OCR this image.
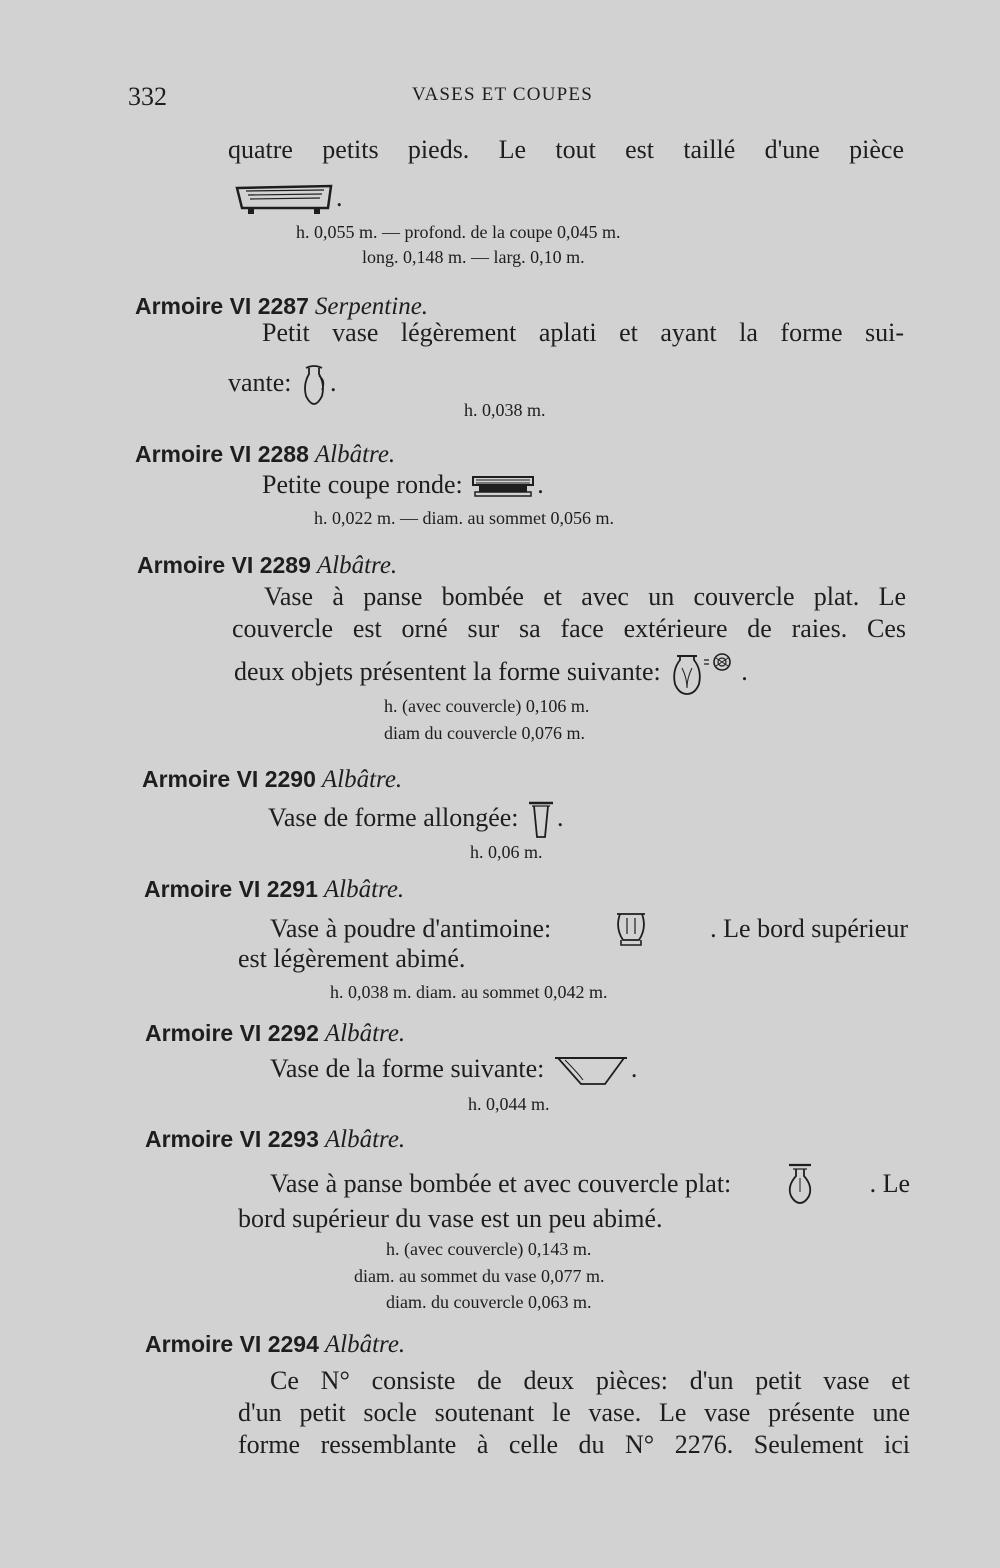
332	VASES ET COUPES
quatre petits pieds. Le tout est taillé d'une pièce
.
h. 0,055 m. — profond. de la coupe 0,045 m.
long. 0,148 m. — larg. 0,10 m.
Armoire VI 2287 Serpentine.
Petit vase légèrement aplati et ayant la forme sui-
vante: .
h. 0,038 m.
Armoire VI 2288 Albâtre.
Petite coupe ronde:	.
h. 0,022 m. — diam. au sommet 0,056 m.
Armoire VI 2289 Albâtre.
Vase à panse bombée et avec un couvercle plat. Le
couvercle est orné sur sa face extérieure de raies. Ces
deux objets présentent la forme suivante:	.
h. (avec couvercle) 0,106 m.
diam du couvercle 0,076 m.
Armoire VI 2290 Albâtre.
Vase de forme allongée: .
h. 0,06 m.
Armoire VI 2291 Albâtre.
Vase à poudre d'antimoine:	. Le bord supérieur
est légèrement abimé.
h. 0,038 m. diam. au sommet 0,042 m.
Armoire VI 2292 Albâtre.
Vase de la forme suivante:	.
h. 0,044 m.
Armoire VI 2293 Albâtre.
Vase à panse bombée et avec couvercle plat:	. Le
bord supérieur du vase est un peu abimé.
h. (avec couvercle) 0,143 m.
diam. au sommet du vase 0,077 m.
diam. du couvercle 0,063 m.
Armoire VI 2294 Albâtre.
Ce N° consiste de deux pièces: d'un petit vase et
d'un petit socle soutenant le vase. Le vase présente une
forme ressemblante à celle du N° 2276. Seulement ici
